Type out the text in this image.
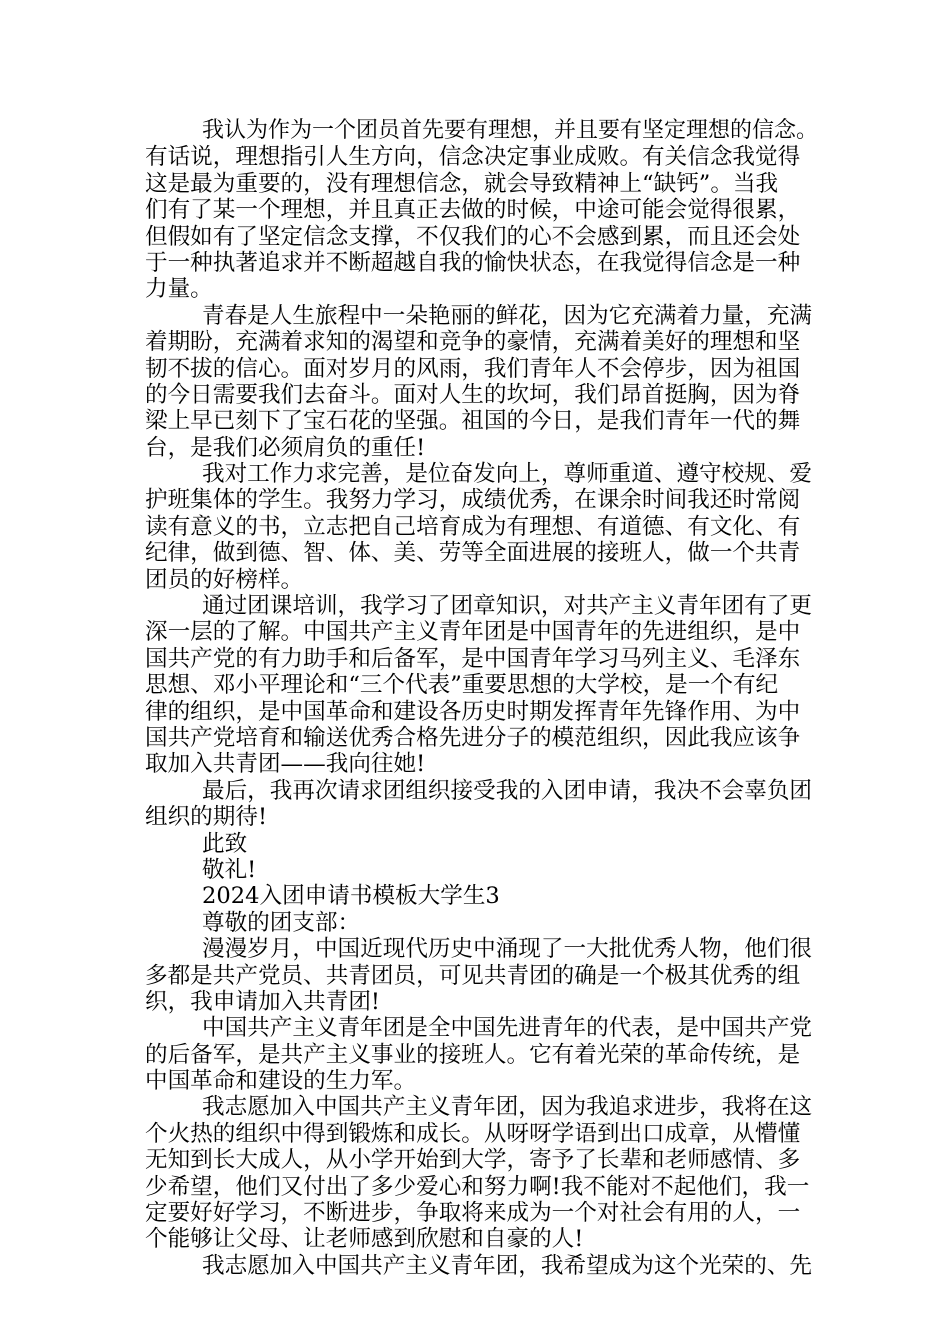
我认为作为一个团员首先要有理想，并且要有坚定理想的信念。
有话说，理想指引人生方向，信念决定事业成败。有关信念我觉得
这是最为重要的，没有理想信念，就会导致精神上“缺钙”。当我
们有了某一个理想，并且真正去做的时候，中途可能会觉得很累，
但假如有了坚定信念支撑，不仅我们的心不会感到累，而且还会处
于一种执著追求并不断超越自我的愉快状态，在我觉得信念是一种
力量。
青春是人生旅程中一朵艳丽的鲜花，因为它充满着力量，充满
着期盼，充满着求知的渴望和竞争的豪情，充满着美好的理想和坚
韧不拔的信心。面对岁月的风雨，我们青年人不会停步，因为祖国
的今日需要我们去奋斗。面对人生的坎坷，我们昂首挺胸，因为脊
梁上早已刻下了宝石花的坚强。祖国的今日，是我们青年一代的舞
台，是我们必须肩负的重任!
我对工作力求完善，是位奋发向上，尊师重道、遵守校规、爱
护班集体的学生。我努力学习，成绩优秀，在课余时间我还时常阅
读有意义的书，立志把自己培育成为有理想、有道德、有文化、有
纪律，做到德、智、体、美、劳等全面进展的接班人，做一个共青
团员的好榜样。
通过团课培训，我学习了团章知识，对共产主义青年团有了更
深一层的了解。中国共产主义青年团是中国青年的先进组织，是中
国共产党的有力助手和后备军，是中国青年学习马列主义、毛泽东
思想、邓小平理论和“三个代表”重要思想的大学校，是一个有纪
律的组织，是中国革命和建设各历史时期发挥青年先锋作用、为中
国共产党培育和输送优秀合格先进分子的模范组织，因此我应该争
取加入共青团——我向往她!
最后，我再次请求团组织接受我的入团申请，我决不会辜负团
组织的期待!
此致
敬礼!
2024入团申请书模板大学生3
尊敬的团支部：
漫漫岁月，中国近现代历史中涌现了一大批优秀人物，他们很
多都是共产党员、共青团员，可见共青团的确是一个极其优秀的组
织，我申请加入共青团!
中国共产主义青年团是全中国先进青年的代表，是中国共产党
的后备军，是共产主义事业的接班人。它有着光荣的革命传统，是
中国革命和建设的生力军。
我志愿加入中国共产主义青年团，因为我追求进步，我将在这
个火热的组织中得到锻炼和成长。从呀呀学语到出口成章，从懵懂
无知到长大成人，从小学开始到大学，寄予了长辈和老师感情、多
少希望，他们又付出了多少爱心和努力啊!我不能对不起他们，我一
定要好好学习，不断进步，争取将来成为一个对社会有用的人，一
个能够让父母、让老师感到欣慰和自豪的人!
我志愿加入中国共产主义青年团，我希望成为这个光荣的、先
